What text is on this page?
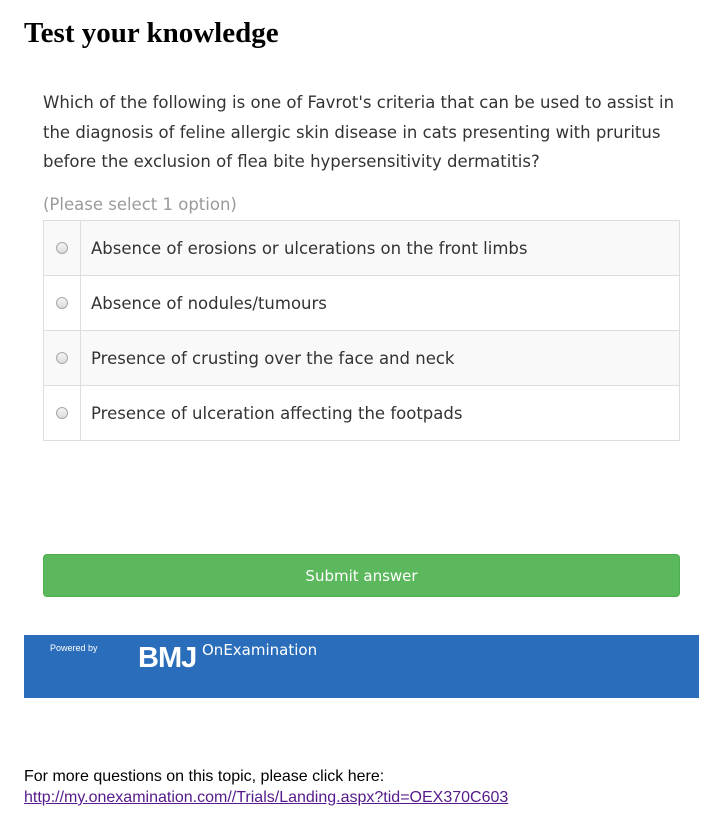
Test your knowledge
Which of the following is one of Favrot's criteria that can be used to assist in the diagnosis of feline allergic skin disease in cats presenting with pruritus before the exclusion of flea bite hypersensitivity dermatitis?
(Please select 1 option)
Absence of erosions or ulcerations on the front limbs
Absence of nodules/tumours
Presence of crusting over the face and neck
Presence of ulceration affecting the footpads
Submit answer
Powered by BMJ OnExamination
For more questions on this topic, please click here:
http://my.onexamination.com//Trials/Landing.aspx?tid=OEX370C603
